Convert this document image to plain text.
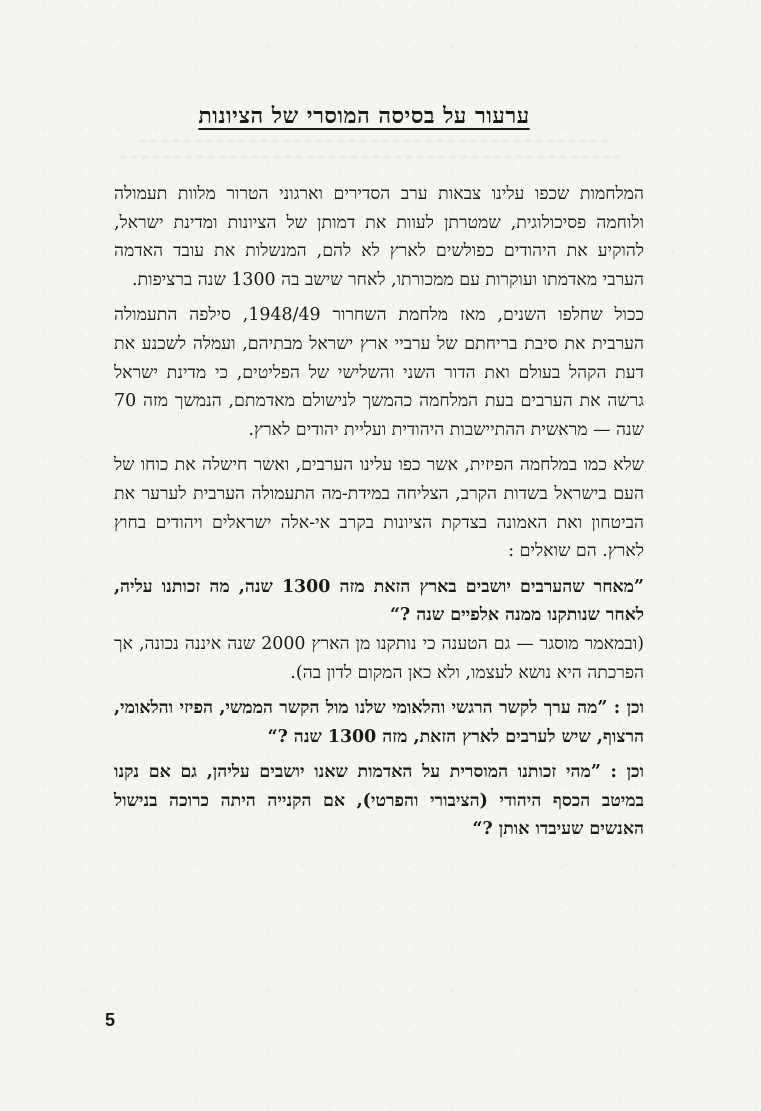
ערעור על בסיסה המוסרי של הציונות

המלחמות שכפו עלינו צבאות ערב הסדירים וארגוני הטרור מלוות תעמולה ולוחמה פסיכולוגית, שמטרתן לעוות את דמותן של הציונות ומדינת ישראל, להוקיע את היהודים כפולשים לארץ לא להם, המנשלות את עובד האדמה הערבי מאדמתו ועוקרות עם ממכורתו, לאחר שישב בה 1300 שנה ברציפות.

ככול שחלפו השנים, מאז מלחמת השחרור 1948/49, סילפה התעמולה הערבית את סיבת בריחתם של ערביי ארץ ישראל מבתיהם, ועמלה לשכנע את דעת הקהל בעולם ואת הדור השני והשלישי של הפליטים, כי מדינת ישראל גרשה את הערבים בעת המלחמה כהמשך לנישולם מאדמתם, הנמשך מזה 70 שנה — מראשית ההתיישבות היהודית ועליית יהודים לארץ.

שלא כמו במלחמה הפיזית, אשר כפו עלינו הערבים, ואשר חישלה את כוחו של העם בישראל בשדות הקרב, הצליחה במידת-מה התעמולה הערבית לערער את הביטחון ואת האמונה בצדקת הציונות בקרב אי-אלה ישראלים ויהודים בחוץ לארץ. הם שואלים :

”מאחר שהערבים יושבים בארץ הזאת מזה 1300 שנה, מה זכותנו עליה, לאחר שנותקנו ממנה אלפיים שנה ?“

(ובמאמר מוסגר — גם הטענה כי נותקנו מן הארץ 2000 שנה איננה נכונה, אך הפרכתה היא נושא לעצמו, ולא כאן המקום לדון בה).

וכן : ”מה ערך לקשר הרגשי והלאומי שלנו מול הקשר הממשי, הפיזי והלאומי, הרצוף, שיש לערבים לארץ הזאת, מזה 1300 שנה ?“

וכן : ”מהי זכותנו המוסרית על האדמות שאנו יושבים עליהן, גם אם נקנו במיטב הכסף היהודי (הציבורי והפרטי), אם הקנייה היתה כרוכה בנישול האנשים שעיבדו אותן ?“

5
